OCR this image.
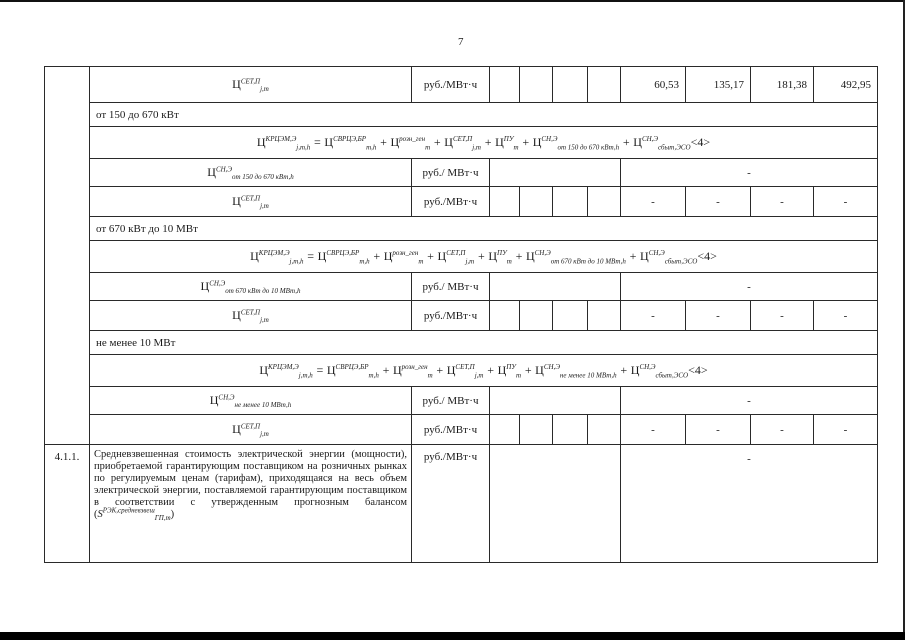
7
	$Ц^{СЕТ,П}_{j,m}$	руб./МВт·ч					60,53	135,17	181,38	492,95
	от 150 до 670 кВт									
	$Ц^{КРЦЭМ,Э}_{j,m,h} = Ц^{СВРЦЭ,БР}_{m,h} + Ц^{розн\_ген}_m + Ц^{СЕТ,П}_{j,m} + Ц^{ПУ}_m + Ц^{СН,Э}_{от 150 до 670 кВт,h} + Ц^{СН,Э}_{сбыт,ЭСО}<4>$									
	$Ц^{СН,Э}_{от 150 до 670 кВт,h}$	руб./ МВт·ч					-			
	$Ц^{СЕТ,П}_{j,m}$	руб./МВт·ч					-	-	-	-
	от 670 кВт до 10 МВт									
	$Ц^{КРЦЭМ,Э}_{j,m,h} = Ц^{СВРЦЭ,БР}_{m,h} + Ц^{розн\_ген}_m + Ц^{СЕТ,П}_{j,m} + Ц^{ПУ}_m + Ц^{СН,Э}_{от 670 кВт до 10 МВт,h} + Ц^{СН,Э}_{сбыт,ЭСО}<4>$									
	$Ц^{СН,Э}_{от 670 кВт до 10 МВт,h}$	руб./ МВт·ч					-			
	$Ц^{СЕТ,П}_{j,m}$	руб./МВт·ч					-	-	-	-
	не менее 10 МВт									
	$Ц^{КРЦЭМ,Э}_{j,m,h} = Ц^{СВРЦЭ,БР}_{m,h} + Ц^{розн\_ген}_m + Ц^{СЕТ,П}_{j,m} + Ц^{ПУ}_m + Ц^{СН,Э}_{не менее 10 МВт,h} + Ц^{СН,Э}_{сбыт,ЭСО}<4>$									
	$Ц^{СН,Э}_{не менее 10 МВт,h}$	руб./ МВт·ч					-			
	$Ц^{СЕТ,П}_{j,m}$	руб./МВт·ч					-	-	-	-
4.1.1.	Средневзвешенная стоимость электрической энергии (мощности), приобретаемой гарантирующим поставщиком на розничных рынках по регулируемым ценам (тарифам), приходящаяся на весь объем электрической энергии, поставляемой гарантирующим поставщиком в соответствии с утвержденным прогнозным балансом $(S^{РЭК,средневзвеш}_{ГП,m})$	руб./МВт·ч					-			
